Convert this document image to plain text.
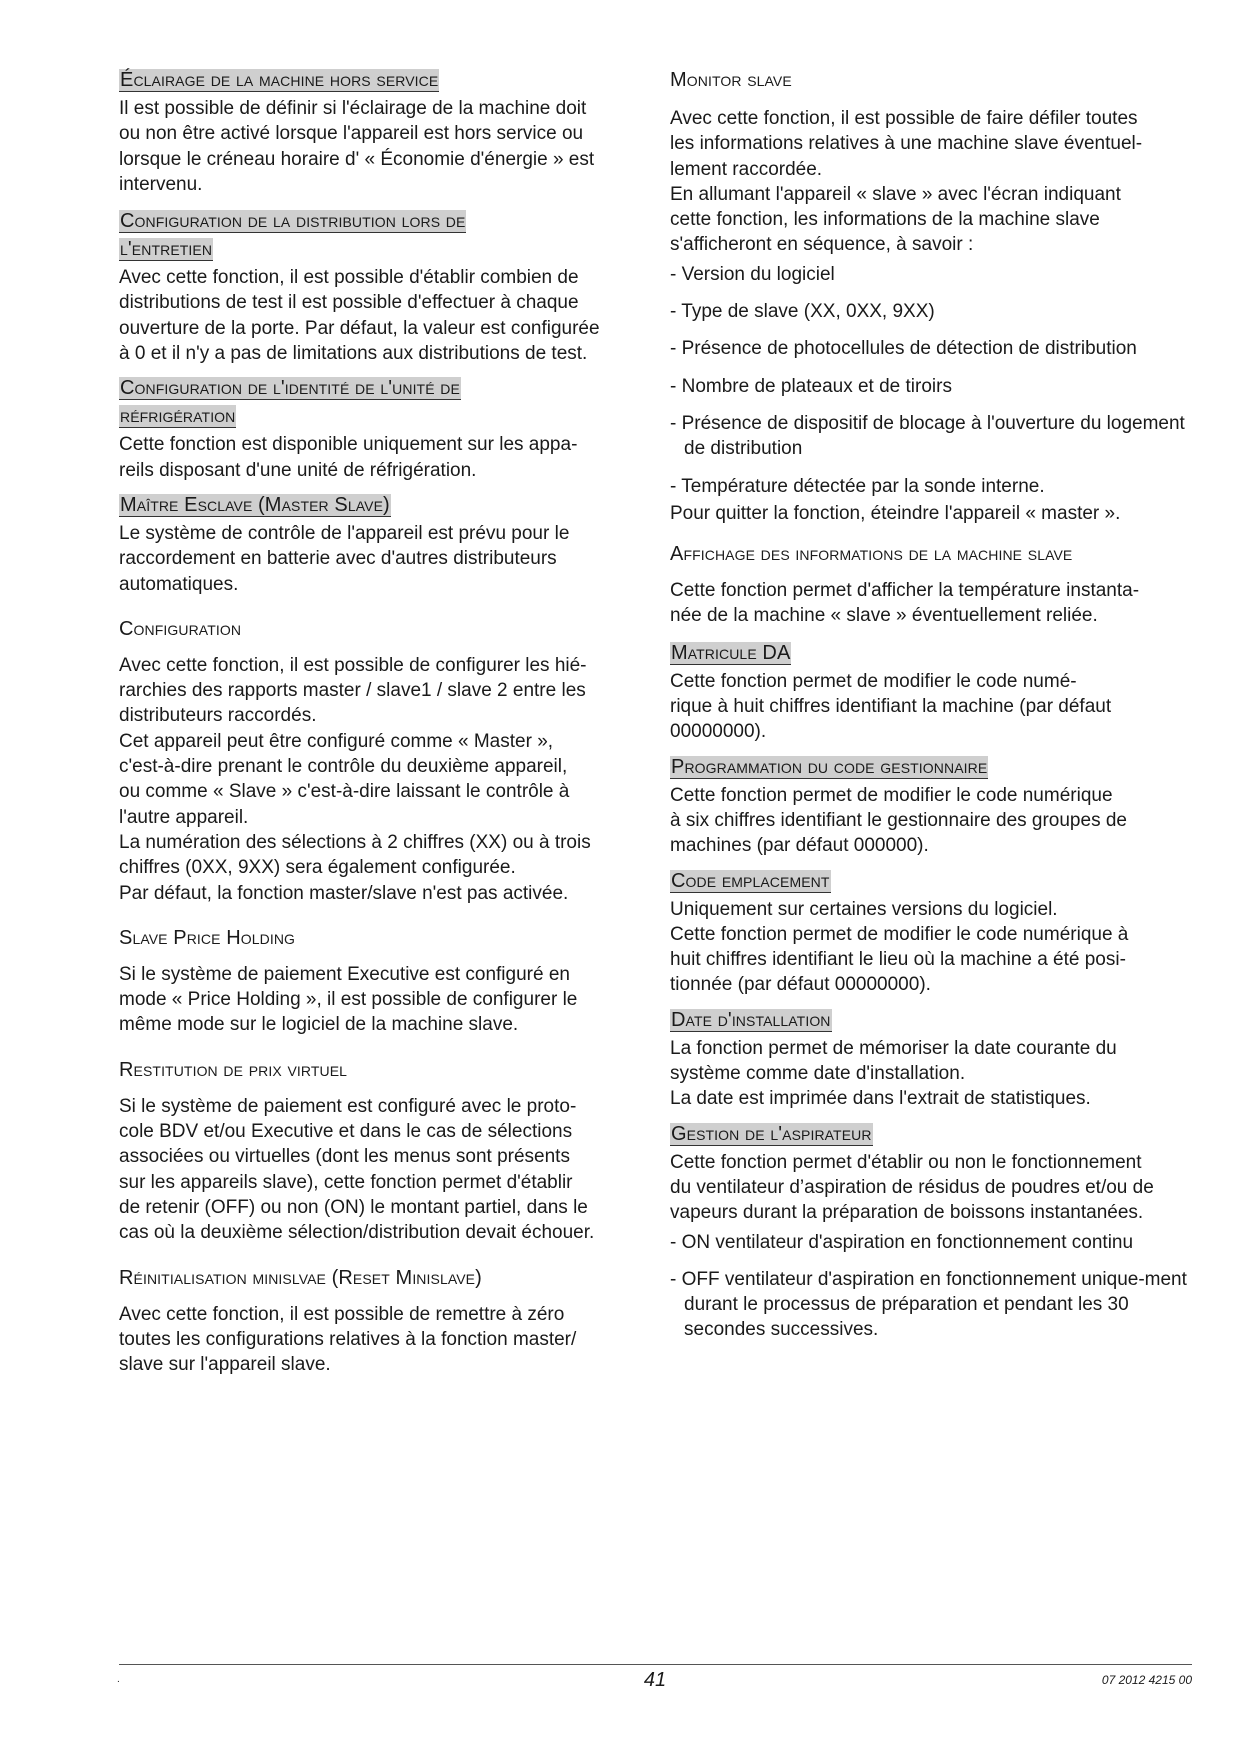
Éclairage de la machine hors service
Il est possible de définir si l'éclairage de la machine doit
ou non être activé lorsque l'appareil est hors service ou
lorsque le créneau horaire d' « Économie d'énergie » est
intervenu.
Configuration de la distribution lors de l'entretien
Avec cette fonction, il est possible d'établir combien de
distributions de test il est possible d'effectuer à chaque
ouverture de la porte. Par défaut, la valeur est configurée
à 0 et il n'y a pas de limitations aux distributions de test.
Configuration de l'identité de l'unité de réfrigération
Cette fonction est disponible uniquement sur les appa-
reils disposant d'une unité de réfrigération.
Maître Esclave (Master Slave)
Le système de contrôle de l'appareil est prévu pour le
raccordement en batterie avec d'autres distributeurs
automatiques.
Configuration
Avec cette fonction, il est possible de configurer les hié-
rarchies des rapports master / slave1 / slave 2 entre les
distributeurs raccordés.
Cet appareil peut être configuré comme « Master »,
c'est-à-dire prenant le contrôle du deuxième appareil,
ou comme « Slave » c'est-à-dire laissant le contrôle à
l'autre appareil.
La numération des sélections à 2 chiffres (XX) ou à trois
chiffres (0XX, 9XX) sera également configurée.
Par défaut, la fonction master/slave n'est pas activée.
Slave Price Holding
Si le système de paiement Executive est configuré en
mode « Price Holding », il est possible de configurer le
même mode sur le logiciel de la machine slave.
Restitution de prix virtuel
Si le système de paiement est configuré avec le proto-
cole BDV et/ou Executive et dans le cas de sélections
associées ou virtuelles (dont les menus sont présents
sur les appareils slave), cette fonction permet d'établir
de retenir (OFF) ou non (ON) le montant partiel, dans le
cas où la deuxième sélection/distribution devait échouer.
Réinitialisation minislvae (Reset Minislave)
Avec cette fonction, il est possible de remettre à zéro
toutes les configurations relatives à la fonction master/
slave sur l'appareil slave.
Monitor slave
Avec cette fonction, il est possible de faire défiler toutes
les informations relatives à une machine slave éventuel-
lement raccordée.
En allumant l'appareil « slave » avec l'écran indiquant
cette fonction, les informations de la machine slave
s'afficheront en séquence, à savoir :
- Version du logiciel
- Type de slave (XX, 0XX, 9XX)
- Présence de photocellules de détection de distribution
- Nombre de plateaux et de tiroirs
- Présence de dispositif de blocage à l'ouverture du logement de distribution
- Température détectée par la sonde interne.
Pour quitter la fonction, éteindre l'appareil « master ».
Affichage des informations de la machine slave
Cette fonction permet d'afficher la température instanta-
née de la machine « slave » éventuellement reliée.
Matricule DA
Cette fonction permet de modifier le code numé-
rique à huit chiffres identifiant la machine (par défaut
00000000).
Programmation du code gestionnaire
Cette fonction permet de modifier le code numérique
à six chiffres identifiant le gestionnaire des groupes de
machines (par défaut 000000).
Code emplacement
Uniquement sur certaines versions du logiciel.
Cette fonction permet de modifier le code numérique à
huit chiffres identifiant le lieu où la machine a été posi-
tionnée (par défaut 00000000).
Date d'installation
La fonction permet de mémoriser la date courante du
système comme date d'installation.
La date est imprimée dans l'extrait de statistiques.
Gestion de l'aspirateur
Cette fonction permet d'établir ou non le fonctionnement
du ventilateur d’aspiration de résidus de poudres et/ou de
vapeurs durant la préparation de boissons instantanées.
- ON ventilateur d'aspiration en fonctionnement continu
- OFF ventilateur d'aspiration en fonctionnement unique-ment durant le processus de préparation et pendant les 30 secondes successives.
.	41	07 2012 4215 00
